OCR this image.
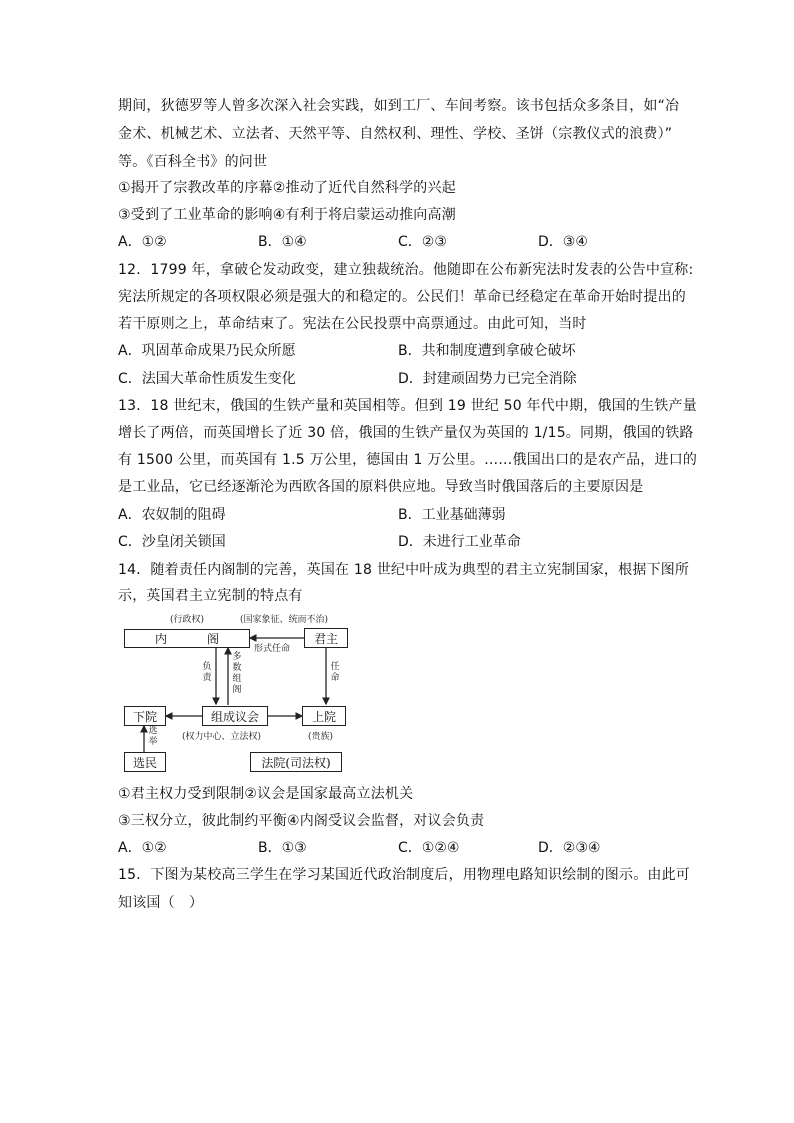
期间，狄德罗等人曾多次深入社会实践，如到工厂、车间考察。该书包括众多条目，如“冶
金术、机械艺术、立法者、天然平等、自然权利、理性、学校、圣饼（宗教仪式的浪费）”
等。《百科全书》的问世
①揭开了宗教改革的序幕②推动了近代自然科学的兴起
③受到了工业革命的影响④有利于将启蒙运动推向高潮
A．①②	B．①④	C．②③	D．③④
12．1799 年，拿破仑发动政变，建立独裁统治。他随即在公布新宪法时发表的公告中宣称:
宪法所规定的各项权限必须是强大的和稳定的。公民们！革命已经稳定在革命开始时提出的
若干原则之上，革命结束了。宪法在公民投票中高票通过。由此可知，当时
A．巩固革命成果乃民众所愿	B．共和制度遭到拿破仑破坏
C．法国大革命性质发生变化	D．封建顽固势力已完全消除
13．18 世纪末，俄国的生铁产量和英国相等。但到 19 世纪 50 年代中期，俄国的生铁产量
增长了两倍，而英国增长了近 30 倍，俄国的生铁产量仅为英国的 1/15。同期，俄国的铁路
有 1500 公里，而英国有 1.5 万公里，德国由 1 万公里。……俄国出口的是农产品，进口的
是工业品，它已经逐渐沦为西欧各国的原料供应地。导致当时俄国落后的主要原因是
A．农奴制的阻碍	B．工业基础薄弱
C．沙皇闭关锁国	D．未进行工业革命
14．随着责任内阁制的完善，英国在 18 世纪中叶成为典型的君主立宪制国家，根据下图所
示，英国君主立宪制的特点有
(行政权)
内	阁
(国家象征、统而不治)
君主
形式任命
负责
多数组阁
任命
下院	组成议会	上院
(权力中心、立法权)	(贵族)
选举
选民	法院(司法权)
①君主权力受到限制②议会是国家最高立法机关
③三权分立，彼此制约平衡④内阁受议会监督，对议会负责
A．①②	B．①③	C．①②④	D．②③④
15．下图为某校高三学生在学习某国近代政治制度后，用物理电路知识绘制的图示。由此可
知该国（　）
